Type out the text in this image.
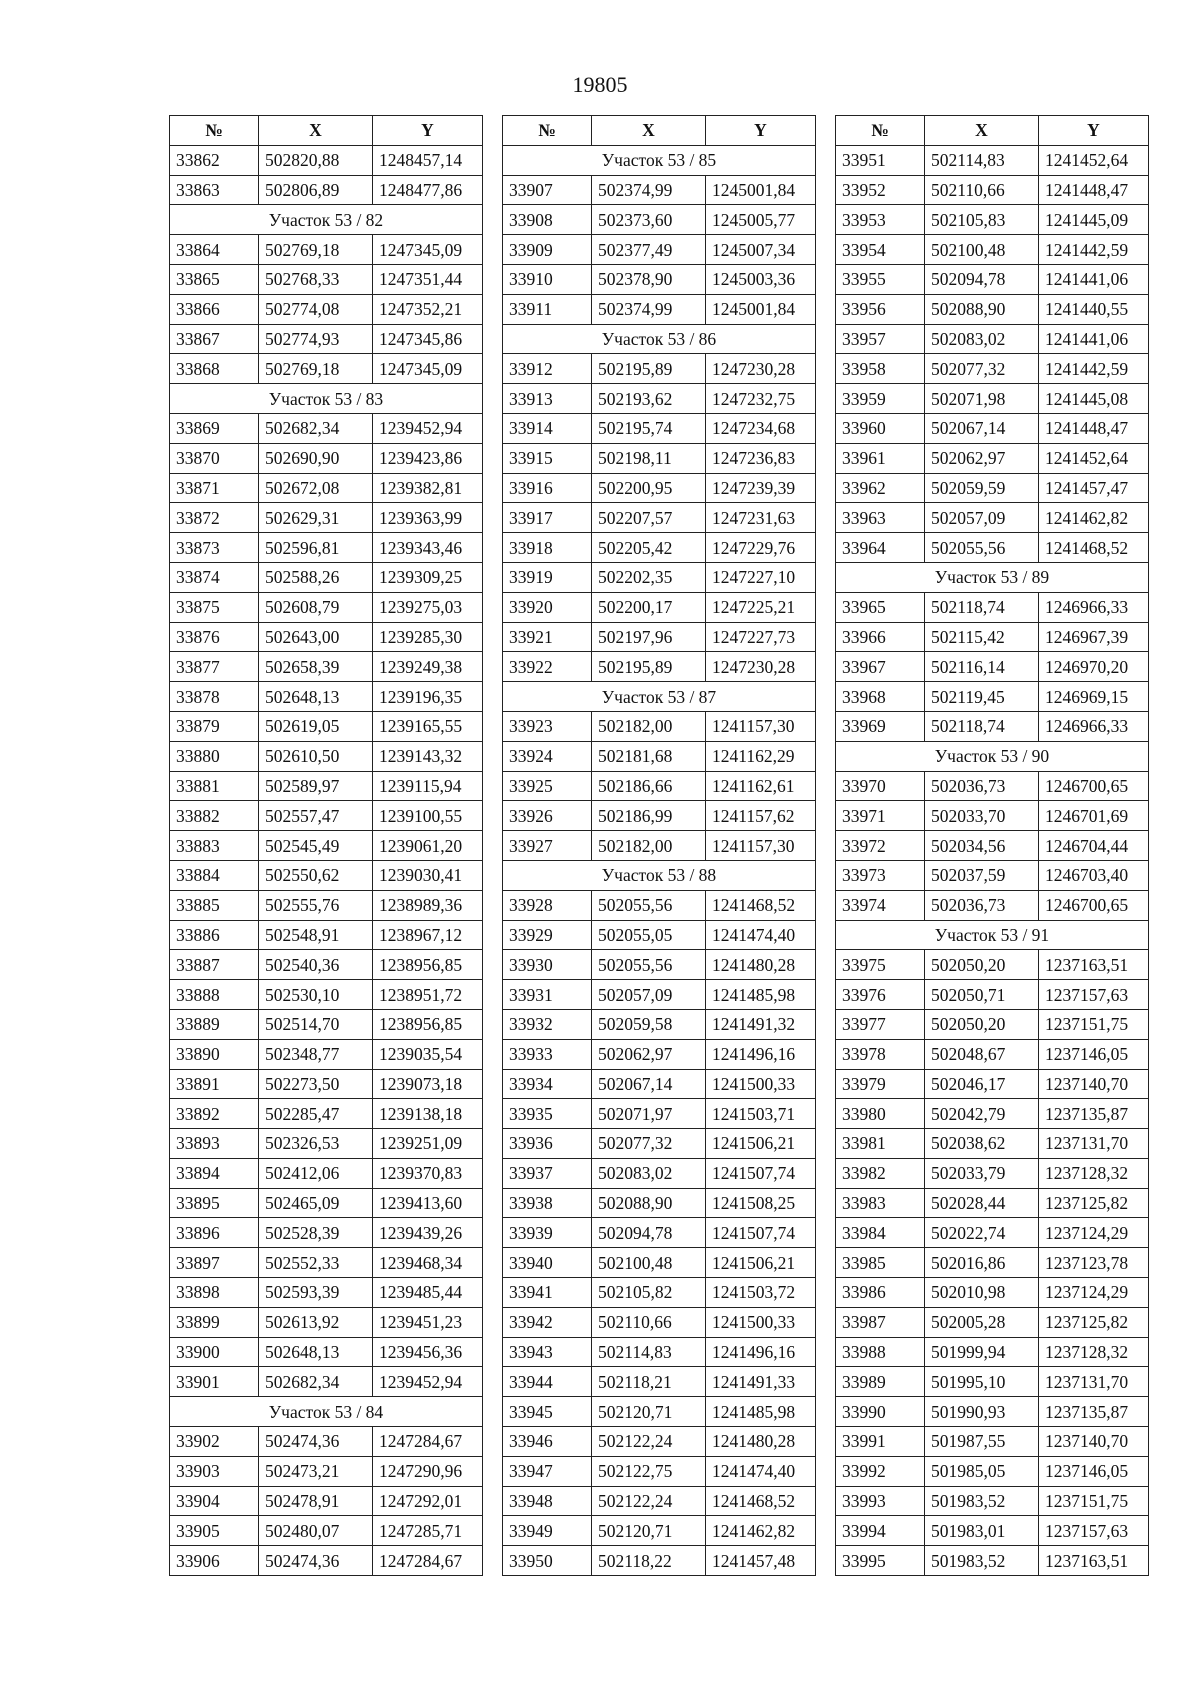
19805
№	X	Y
33862	502820,88	1248457,14
33863	502806,89	1248477,86
Участок 53 / 82		
33864	502769,18	1247345,09
33865	502768,33	1247351,44
33866	502774,08	1247352,21
33867	502774,93	1247345,86
33868	502769,18	1247345,09
Участок 53 / 83		
33869	502682,34	1239452,94
33870	502690,90	1239423,86
33871	502672,08	1239382,81
33872	502629,31	1239363,99
33873	502596,81	1239343,46
33874	502588,26	1239309,25
33875	502608,79	1239275,03
33876	502643,00	1239285,30
33877	502658,39	1239249,38
33878	502648,13	1239196,35
33879	502619,05	1239165,55
33880	502610,50	1239143,32
33881	502589,97	1239115,94
33882	502557,47	1239100,55
33883	502545,49	1239061,20
33884	502550,62	1239030,41
33885	502555,76	1238989,36
33886	502548,91	1238967,12
33887	502540,36	1238956,85
33888	502530,10	1238951,72
33889	502514,70	1238956,85
33890	502348,77	1239035,54
33891	502273,50	1239073,18
33892	502285,47	1239138,18
33893	502326,53	1239251,09
33894	502412,06	1239370,83
33895	502465,09	1239413,60
33896	502528,39	1239439,26
33897	502552,33	1239468,34
33898	502593,39	1239485,44
33899	502613,92	1239451,23
33900	502648,13	1239456,36
33901	502682,34	1239452,94
Участок 53 / 84		
33902	502474,36	1247284,67
33903	502473,21	1247290,96
33904	502478,91	1247292,01
33905	502480,07	1247285,71
33906	502474,36	1247284,67
№	X	Y
Участок 53 / 85		
33907	502374,99	1245001,84
33908	502373,60	1245005,77
33909	502377,49	1245007,34
33910	502378,90	1245003,36
33911	502374,99	1245001,84
Участок 53 / 86		
33912	502195,89	1247230,28
33913	502193,62	1247232,75
33914	502195,74	1247234,68
33915	502198,11	1247236,83
33916	502200,95	1247239,39
33917	502207,57	1247231,63
33918	502205,42	1247229,76
33919	502202,35	1247227,10
33920	502200,17	1247225,21
33921	502197,96	1247227,73
33922	502195,89	1247230,28
Участок 53 / 87		
33923	502182,00	1241157,30
33924	502181,68	1241162,29
33925	502186,66	1241162,61
33926	502186,99	1241157,62
33927	502182,00	1241157,30
Участок 53 / 88		
33928	502055,56	1241468,52
33929	502055,05	1241474,40
33930	502055,56	1241480,28
33931	502057,09	1241485,98
33932	502059,58	1241491,32
33933	502062,97	1241496,16
33934	502067,14	1241500,33
33935	502071,97	1241503,71
33936	502077,32	1241506,21
33937	502083,02	1241507,74
33938	502088,90	1241508,25
33939	502094,78	1241507,74
33940	502100,48	1241506,21
33941	502105,82	1241503,72
33942	502110,66	1241500,33
33943	502114,83	1241496,16
33944	502118,21	1241491,33
33945	502120,71	1241485,98
33946	502122,24	1241480,28
33947	502122,75	1241474,40
33948	502122,24	1241468,52
33949	502120,71	1241462,82
33950	502118,22	1241457,48
№	X	Y
33951	502114,83	1241452,64
33952	502110,66	1241448,47
33953	502105,83	1241445,09
33954	502100,48	1241442,59
33955	502094,78	1241441,06
33956	502088,90	1241440,55
33957	502083,02	1241441,06
33958	502077,32	1241442,59
33959	502071,98	1241445,08
33960	502067,14	1241448,47
33961	502062,97	1241452,64
33962	502059,59	1241457,47
33963	502057,09	1241462,82
33964	502055,56	1241468,52
Участок 53 / 89		
33965	502118,74	1246966,33
33966	502115,42	1246967,39
33967	502116,14	1246970,20
33968	502119,45	1246969,15
33969	502118,74	1246966,33
Участок 53 / 90		
33970	502036,73	1246700,65
33971	502033,70	1246701,69
33972	502034,56	1246704,44
33973	502037,59	1246703,40
33974	502036,73	1246700,65
Участок 53 / 91		
33975	502050,20	1237163,51
33976	502050,71	1237157,63
33977	502050,20	1237151,75
33978	502048,67	1237146,05
33979	502046,17	1237140,70
33980	502042,79	1237135,87
33981	502038,62	1237131,70
33982	502033,79	1237128,32
33983	502028,44	1237125,82
33984	502022,74	1237124,29
33985	502016,86	1237123,78
33986	502010,98	1237124,29
33987	502005,28	1237125,82
33988	501999,94	1237128,32
33989	501995,10	1237131,70
33990	501990,93	1237135,87
33991	501987,55	1237140,70
33992	501985,05	1237146,05
33993	501983,52	1237151,75
33994	501983,01	1237157,63
33995	501983,52	1237163,51
